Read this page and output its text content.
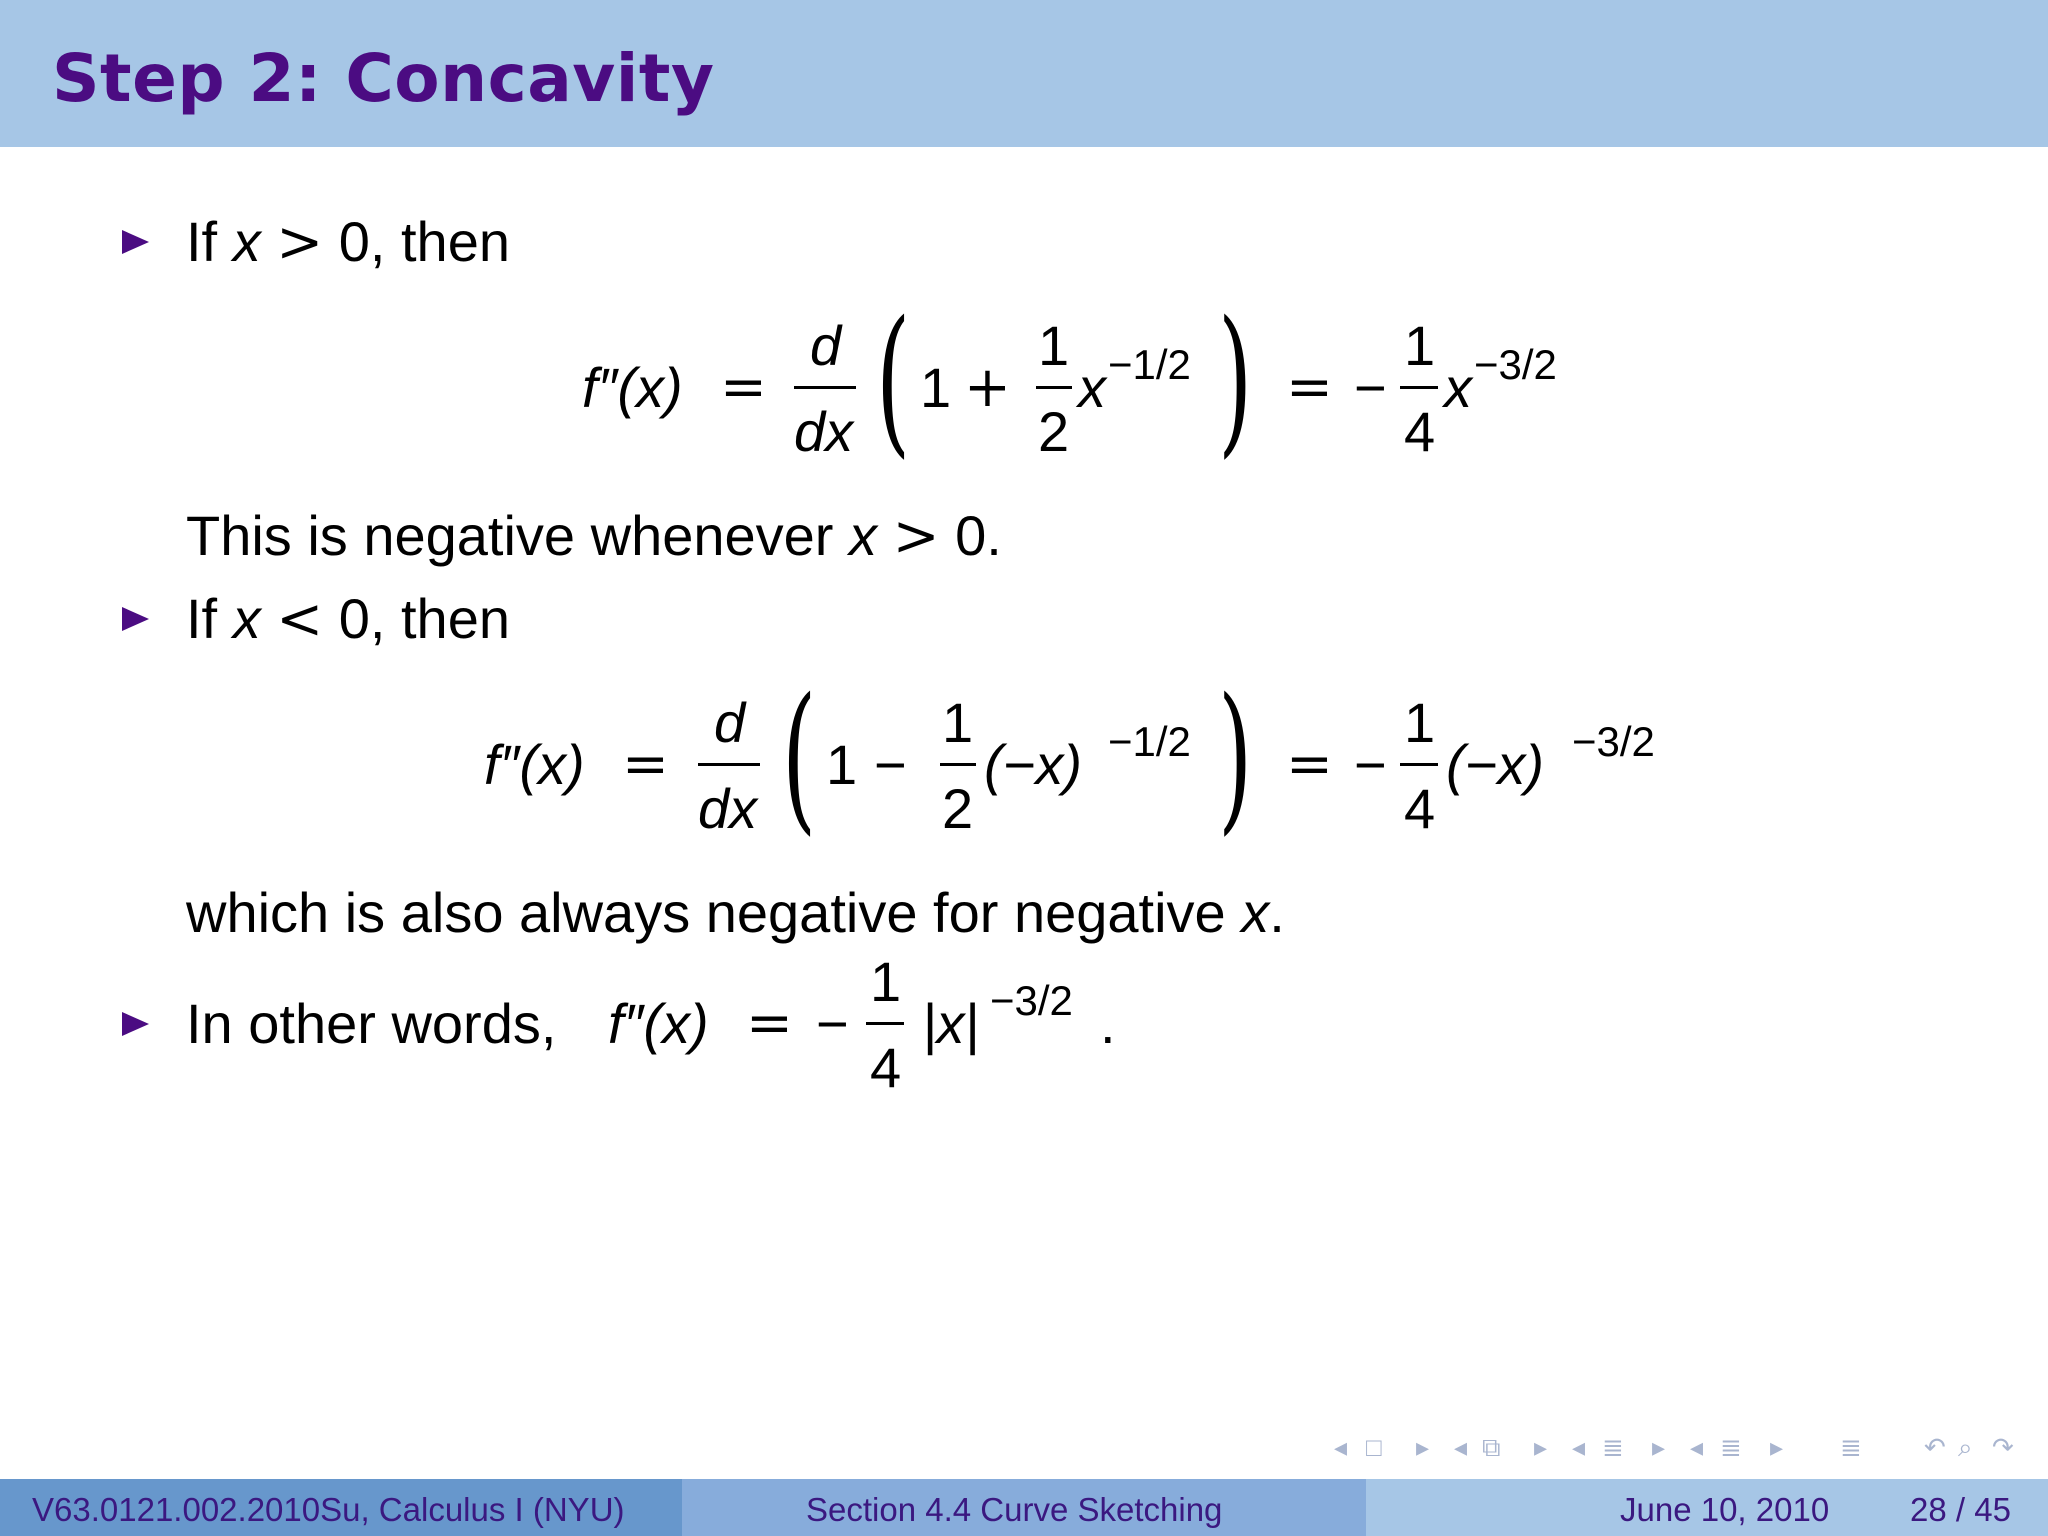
Step 2: Concavity
If x > 0, then
f″(x) =
d
dx ( 1 +
1
2
x −1/2 ) = −
1
4
x −3/2
This is negative whenever x > 0.
If x < 0, then
f″(x) =
d
dx ( 1 −
1
2
(−x) −1/2 ) = −
1
4
(−x) −3/2
which is also always negative for negative x.
In other words, f″(x) = −
1
4
|x| −3/2 .
◂ □ ▸ ◂ ⧉ ▸ ◂ ≣ ▸ ◂ ≣ ▸ ≣ ↶ ⌕ ↷
V63.0121.002.2010Su, Calculus I (NYU)	Section 4.4 Curve Sketching	June 10, 2010 28 / 45
